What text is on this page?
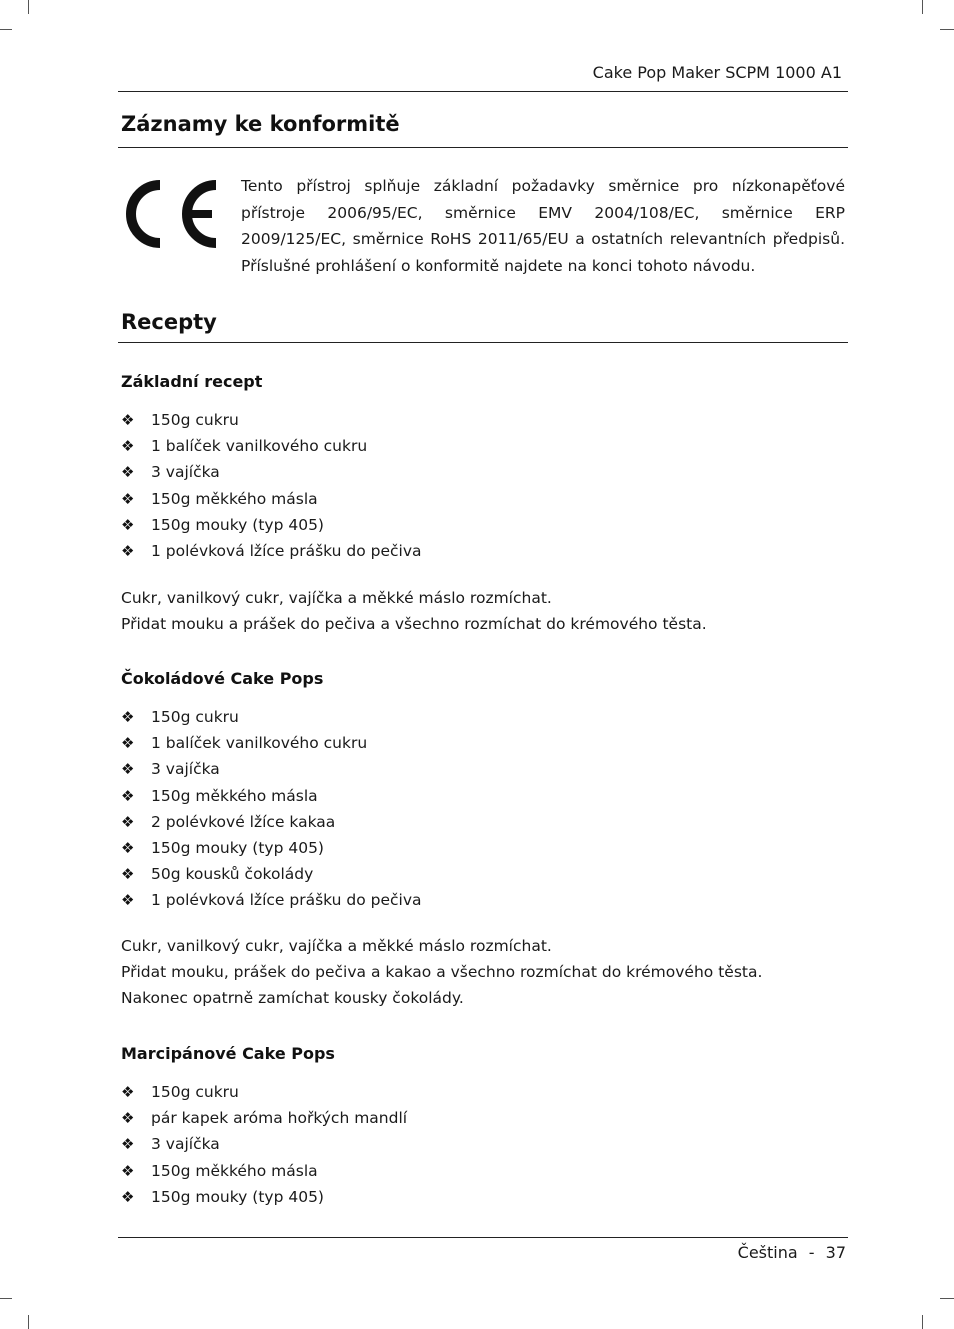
Cake Pop Maker SCPM 1000 A1
Záznamy ke konformitě

Tento přístroj splňuje základní požadavky směrnice pro nízkonapěťové přístroje 2006/95/EC, směrnice EMV 2004/108/EC, směrnice ERP 2009/125/EC, směrnice RoHS 2011/65/EU a ostatních relevantních předpisů. Příslušné prohlášení o konformitě najdete na konci tohoto návodu.

Recepty
Základní recept
❖	150g cukru
❖	1 balíček vanilkového cukru
❖	3 vajíčka
❖	150g měkkého másla
❖	150g mouky (typ 405)
❖	1 polévková lžíce prášku do pečiva
Cukr, vanilkový cukr, vajíčka a měkké máslo rozmíchat.
Přidat mouku a prášek do pečiva a všechno rozmíchat do krémového těsta.
Čokoládové Cake Pops
❖	150g cukru
❖	1 balíček vanilkového cukru
❖	3 vajíčka
❖	150g měkkého másla
❖	2 polévkové lžíce kakaa
❖	150g mouky (typ 405)
❖	50g kousků čokolády
❖	1 polévková lžíce prášku do pečiva
Cukr, vanilkový cukr, vajíčka a měkké máslo rozmíchat.
Přidat mouku, prášek do pečiva a kakao a všechno rozmíchat do krémového těsta.
Nakonec opatrně zamíchat kousky čokolády.
Marcipánové Cake Pops
❖	150g cukru
❖	pár kapek aróma hořkých mandlí
❖	3 vajíčka
❖	150g měkkého másla
❖	150g mouky (typ 405)
Čeština - 37
